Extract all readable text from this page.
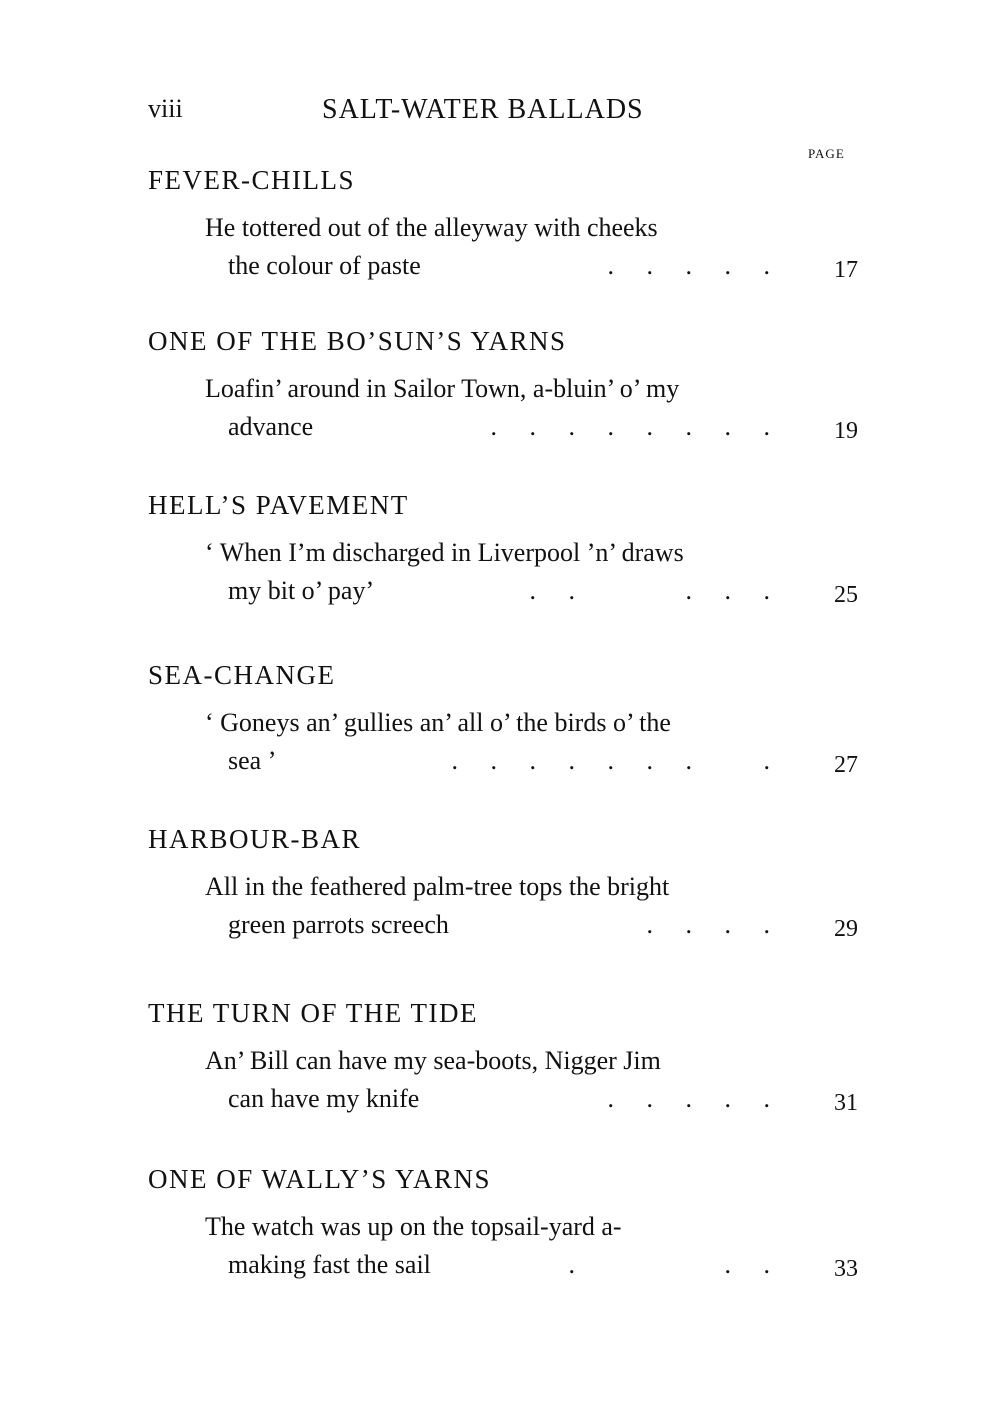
viii	SALT-WATER BALLADS
PAGE
FEVER-CHILLS
He tottered out of the alleyway with cheeks
the colour of paste	.     .     .     .     .	17
ONE OF THE BO’SUN’S YARNS
Loafin’ around in Sailor Town, a-bluin’ o’ my
advance	.     .     .     .     .     .     .     .	19
HELL’S PAVEMENT
‘ When I’m discharged in Liverpool ’n’ draws
my bit o’ pay’	.     .                 .     .     .	25
SEA-CHANGE
‘ Goneys an’ gullies an’ all o’ the birds o’ the
sea ’	.     .     .     .     .     .     .           .	27
HARBOUR-BAR
All in the feathered palm-tree tops the bright
green parrots screech	.     .     .     .	29
THE TURN OF THE TIDE
An’ Bill can have my sea-boots, Nigger Jim
can have my knife	.     .     .     .     .	31
ONE OF WALLY’S YARNS
The watch was up on the topsail-yard a-
making fast the sail	.                       .     .	33
